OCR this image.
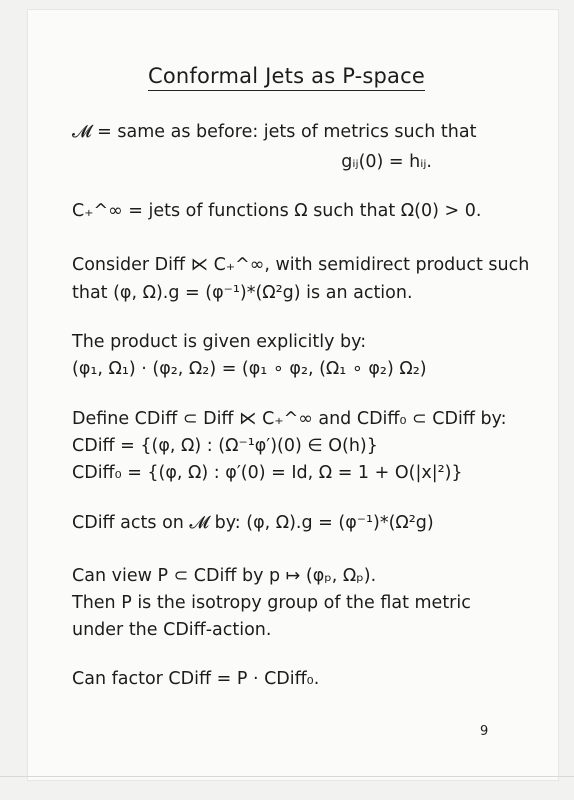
Conformal Jets as P-space
𝓜 = same as before: jets of metrics such that
gᵢⱼ(0) = hᵢⱼ.
C₊^∞ = jets of functions Ω such that Ω(0) > 0.
Consider Diff ⋉ C₊^∞, with semidirect product such
that (φ, Ω).g = (φ⁻¹)*(Ω²g) is an action.
The product is given explicitly by:
(φ₁, Ω₁) · (φ₂, Ω₂) = (φ₁ ∘ φ₂, (Ω₁ ∘ φ₂) Ω₂)
Define CDiff ⊂ Diff ⋉ C₊^∞ and CDiff₀ ⊂ CDiff by:
CDiff = {(φ, Ω) : (Ω⁻¹φ′)(0) ∈ O(h)}
CDiff₀ = {(φ, Ω) : φ′(0) = Id, Ω = 1 + O(|x|²)}
CDiff acts on 𝓜 by: (φ, Ω).g = (φ⁻¹)*(Ω²g)
Can view P ⊂ CDiff by p ↦ (φₚ, Ωₚ).
Then P is the isotropy group of the flat metric
under the CDiff-action.
Can factor CDiff = P · CDiff₀.
9
